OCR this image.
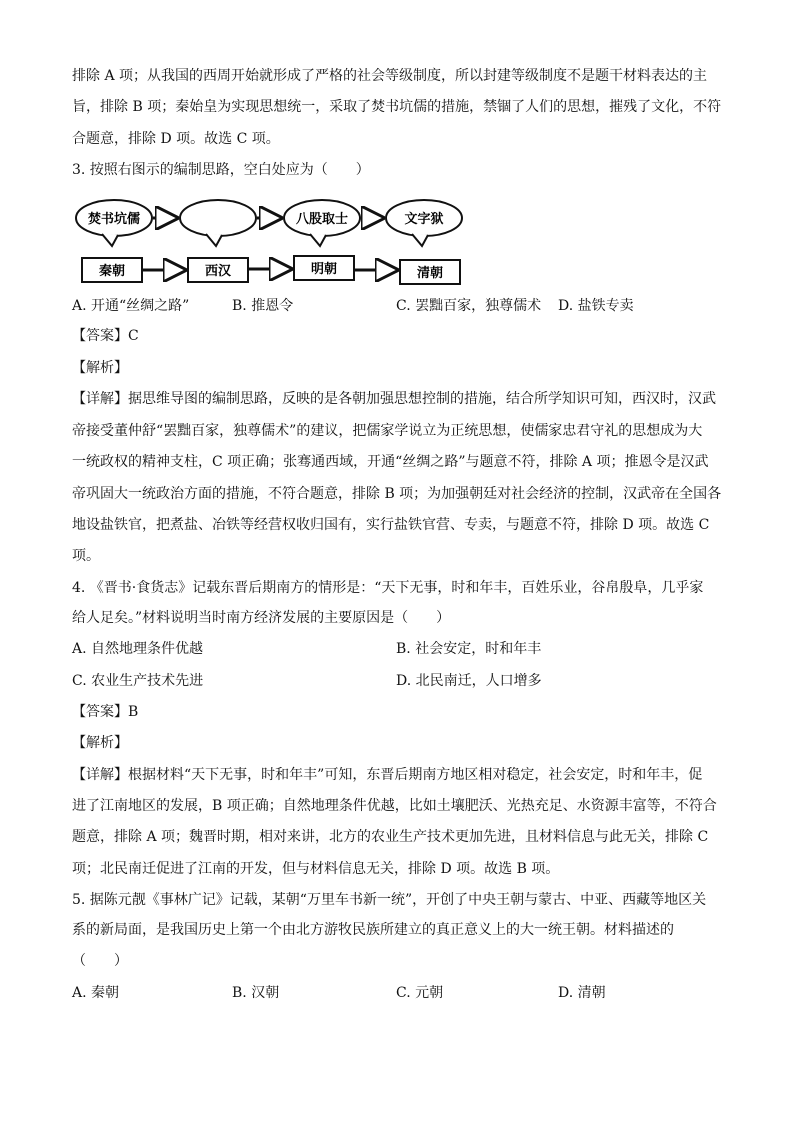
排除 A 项；从我国的西周开始就形成了严格的社会等级制度，所以封建等级制度不是题干材料表达的主
旨，排除 B 项；秦始皇为实现思想统一，采取了焚书坑儒的措施，禁锢了人们的思想，摧残了文化，不符
合题意，排除 D 项。故选 C 项。
3. 按照右图示的编制思路，空白处应为（　　）
焚书坑儒	八股取士	文字狱
秦朝	西汉	明朝	清朝
A. 开通“丝绸之路”	B. 推恩令	C. 罢黜百家，独尊儒术 D. 盐铁专卖
【答案】C
【解析】
【详解】据思维导图的编制思路，反映的是各朝加强思想控制的措施，结合所学知识可知，西汉时，汉武
帝接受董仲舒“罢黜百家，独尊儒术”的建议，把儒家学说立为正统思想，使儒家忠君守礼的思想成为大
一统政权的精神支柱，C 项正确；张骞通西域，开通“丝绸之路”与题意不符，排除 A 项；推恩令是汉武
帝巩固大一统政治方面的措施，不符合题意，排除 B 项；为加强朝廷对社会经济的控制，汉武帝在全国各
地设盐铁官，把煮盐、冶铁等经营权收归国有，实行盐铁官营、专卖，与题意不符，排除 D 项。故选 C
项。
4. 《晋书·食货志》记载东晋后期南方的情形是：“天下无事，时和年丰，百姓乐业，谷帛殷阜，几乎家
给人足矣。”材料说明当时南方经济发展的主要原因是（　　）
A. 自然地理条件优越	B. 社会安定，时和年丰
C. 农业生产技术先进	D. 北民南迁，人口增多
【答案】B
【解析】
【详解】根据材料“天下无事，时和年丰”可知，东晋后期南方地区相对稳定，社会安定，时和年丰，促
进了江南地区的发展，B 项正确；自然地理条件优越，比如土壤肥沃、光热充足、水资源丰富等，不符合
题意，排除 A 项；魏晋时期，相对来讲，北方的农业生产技术更加先进，且材料信息与此无关，排除 C
项；北民南迁促进了江南的开发，但与材料信息无关，排除 D 项。故选 B 项。
5. 据陈元靓《事林广记》记载，某朝“万里车书新一统”，开创了中央王朝与蒙古、中亚、西藏等地区关
系的新局面，是我国历史上第一个由北方游牧民族所建立的真正意义上的大一统王朝。材料描述的
（　　）
A. 秦朝	B. 汉朝	C. 元朝	D. 清朝
